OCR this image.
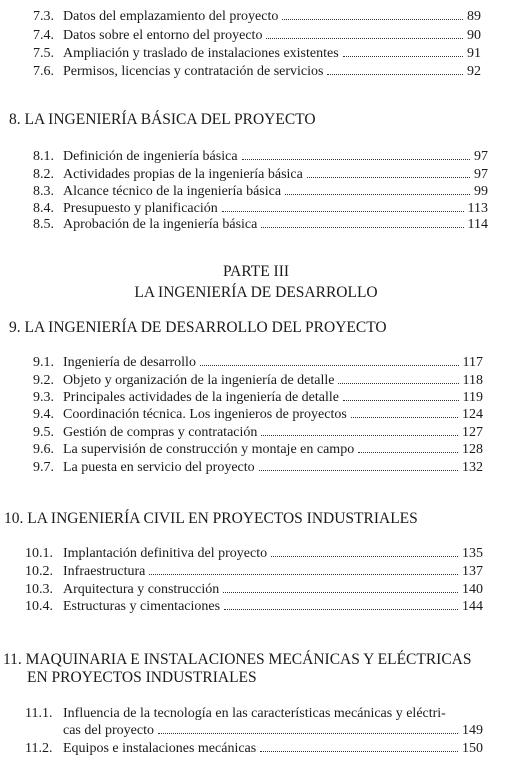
7.3. Datos del emplazamiento del proyecto	89
7.4. Datos sobre el entorno del proyecto	90
7.5. Ampliación y traslado de instalaciones existentes	91
7.6. Permisos, licencias y contratación de servicios	92
8. LA INGENIERÍA BÁSICA DEL PROYECTO
8.1. Definición de ingeniería básica	97
8.2. Actividades propias de la ingeniería básica	97
8.3. Alcance técnico de la ingeniería básica	99
8.4. Presupuesto y planificación	113
8.5. Aprobación de la ingeniería básica	114
PARTE III
LA INGENIERÍA DE DESARROLLO
9. LA INGENIERÍA DE DESARROLLO DEL PROYECTO
9.1. Ingeniería de desarrollo	117
9.2. Objeto y organización de la ingeniería de detalle	118
9.3. Principales actividades de la ingeniería de detalle	119
9.4. Coordinación técnica. Los ingenieros de proyectos	124
9.5. Gestión de compras y contratación	127
9.6. La supervisión de construcción y montaje en campo	128
9.7. La puesta en servicio del proyecto	132
10. LA INGENIERÍA CIVIL EN PROYECTOS INDUSTRIALES
10.1. Implantación definitiva del proyecto	135
10.2. Infraestructura	137
10.3. Arquitectura y construcción	140
10.4. Estructuras y cimentaciones	144
11. MAQUINARIA E INSTALACIONES MECÁNICAS Y ELÉCTRICAS
EN PROYECTOS INDUSTRIALES
11.1. Influencia de la tecnología en las características mecánicas y eléctri-
cas del proyecto	149
11.2. Equipos e instalaciones mecánicas	150
